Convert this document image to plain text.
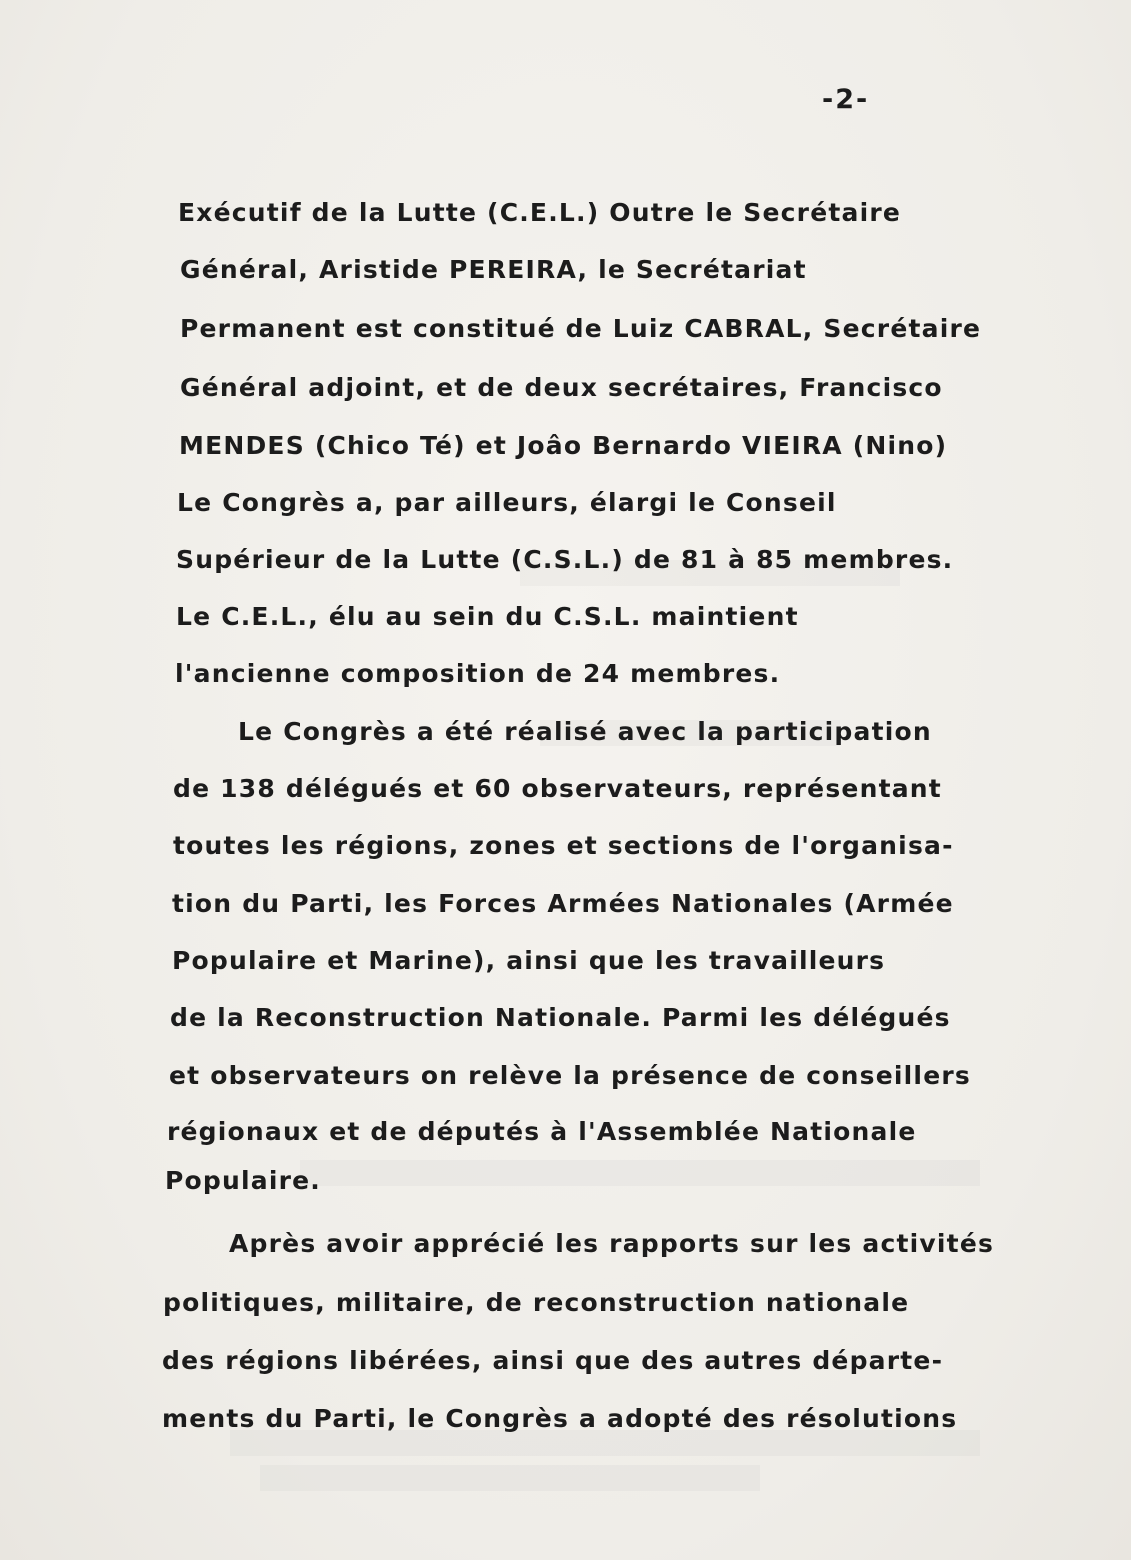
-2-
Exécutif de la Lutte (C.E.L.) Outre le Secrétaire
Général, Aristide PEREIRA, le Secrétariat
Permanent est constitué de Luiz CABRAL, Secrétaire
Général adjoint, et de deux secrétaires, Francisco
MENDES (Chico Té) et Joâo Bernardo VIEIRA (Nino)
Le Congrès a, par ailleurs, élargi le Conseil
Supérieur de la Lutte (C.S.L.) de 81 à 85 membres.
Le C.E.L., élu au sein du C.S.L. maintient
l'ancienne composition de 24 membres.
Le Congrès a été réalisé avec la participation
de 138 délégués et 60 observateurs, représentant
toutes les régions, zones et sections de l'organisa-
tion du Parti, les Forces Armées Nationales (Armée
Populaire et Marine), ainsi que les travailleurs
de la Reconstruction Nationale. Parmi les délégués
et observateurs on relève la présence de conseillers
régionaux et de députés à l'Assemblée Nationale
Populaire.
Après avoir apprécié les rapports sur les activités
politiques, militaire, de reconstruction nationale
des régions libérées, ainsi que des autres départe-
ments du Parti, le Congrès a adopté des résolutions
